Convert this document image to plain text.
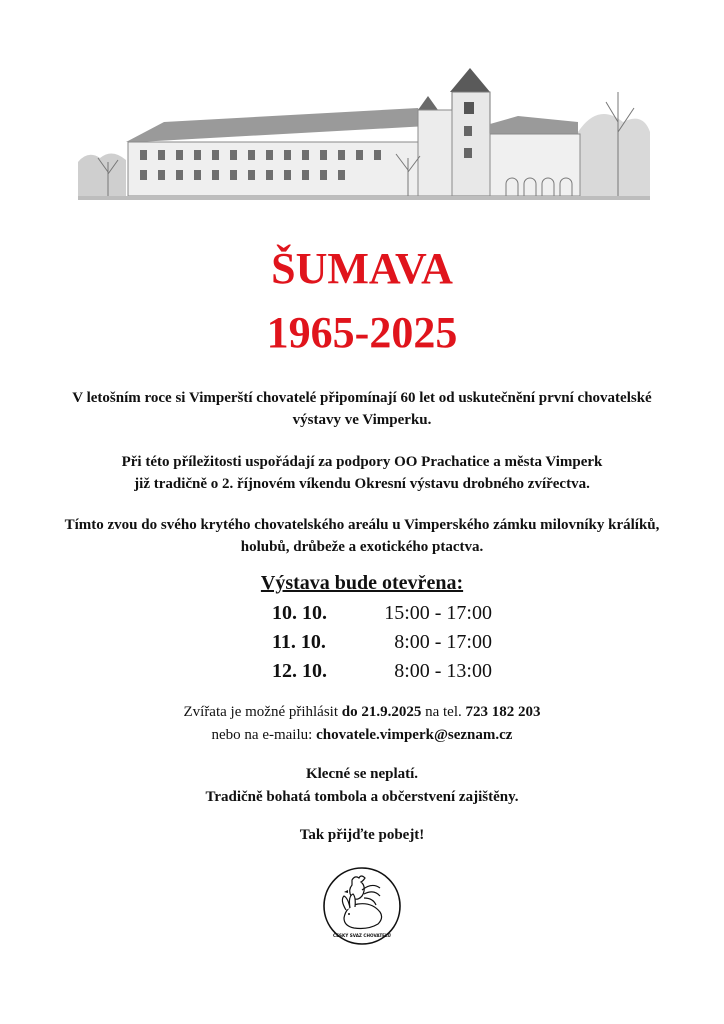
ŠUMAVA
1965-2025

V letošním roce si Vimperští chovatelé připomínají 60 let od uskutečnění první chovatelské
výstavy ve Vimperku.

Při této příležitosti uspořádají za podpory OO Prachatice a města Vimperk
již tradičně o 2. říjnovém víkendu Okresní výstavu drobného zvířectva.

Tímto zvou do svého krytého chovatelského areálu u Vimperského zámku milovníky králíků,
holubů, drůbeže a exotického ptactva.

Výstava bude otevřena:
10. 10.	15:00 - 17:00
11. 10.	8:00 - 17:00
12. 10.	8:00 - 13:00

Zvířata je možné přihlásit do 21.9.2025 na tel. 723 182 203

nebo na e-mailu: chovatele.vimperk@seznam.cz

Klecné se neplatí.

Tradičně bohatá tombola a občerstvení zajištěny.

Tak přijďte pobejt!

ČESKÝ SVAZ CHOVATELŮ
